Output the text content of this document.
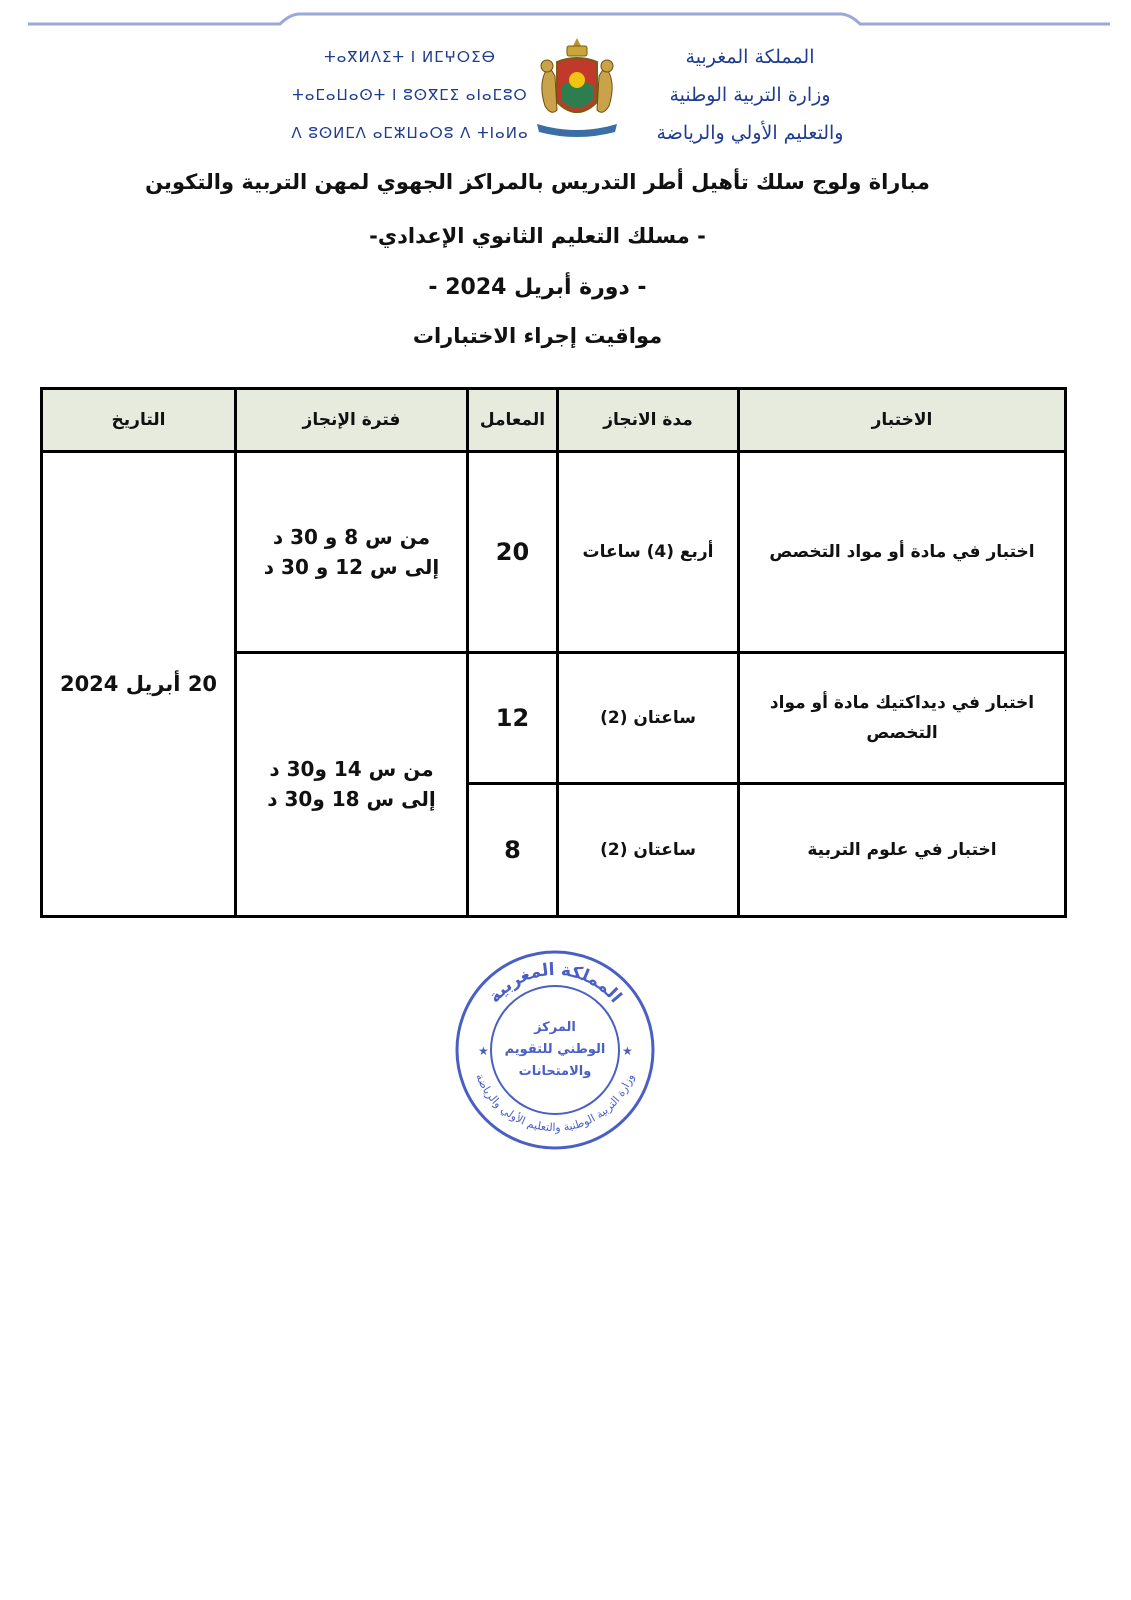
ⵜⴰⴳⵍⴷⵉⵜ ⵏ ⵍⵎⵖⵔⵉⴱ
ⵜⴰⵎⴰⵡⴰⵙⵜ ⵏ ⵓⵙⴳⵎⵉ ⴰⵏⴰⵎⵓⵔ
ⴷ ⵓⵙⵍⵎⴷ ⴰⵎⵣⵡⴰⵔⵓ ⴷ ⵜⵏⴰⵍⴰ
المملكة المغربية
وزارة التربية الوطنية
والتعليم الأولي والرياضة
مباراة ولوج سلك تأهيل أطر التدريس بالمراكز الجهوي لمهن التربية والتكوين
- مسلك التعليم الثانوي الإعدادي-
- دورة أبريل 2024 -
مواقيت إجراء الاختبارات
الاختبار	مدة الانجاز	المعامل	فترة الإنجاز	التاريخ
اختبار في مادة أو مواد التخصص	أربع (4) ساعات	20	من س 8 و 30 د
إلى س 12 و 30 د	20 أبريل 2024
اختبار في ديداكتيك مادة أو مواد التخصص	ساعتان (2)	12	من س 14 و30 د
إلى س 18 و30 د	

اختبار في علوم التربية	ساعتان (2)	8		
المملكة المغربية
وزارة التربية الوطنية والتعليم الأولي والرياضة
المركز
الوطني للتقويم
والامتحانات
★	★
